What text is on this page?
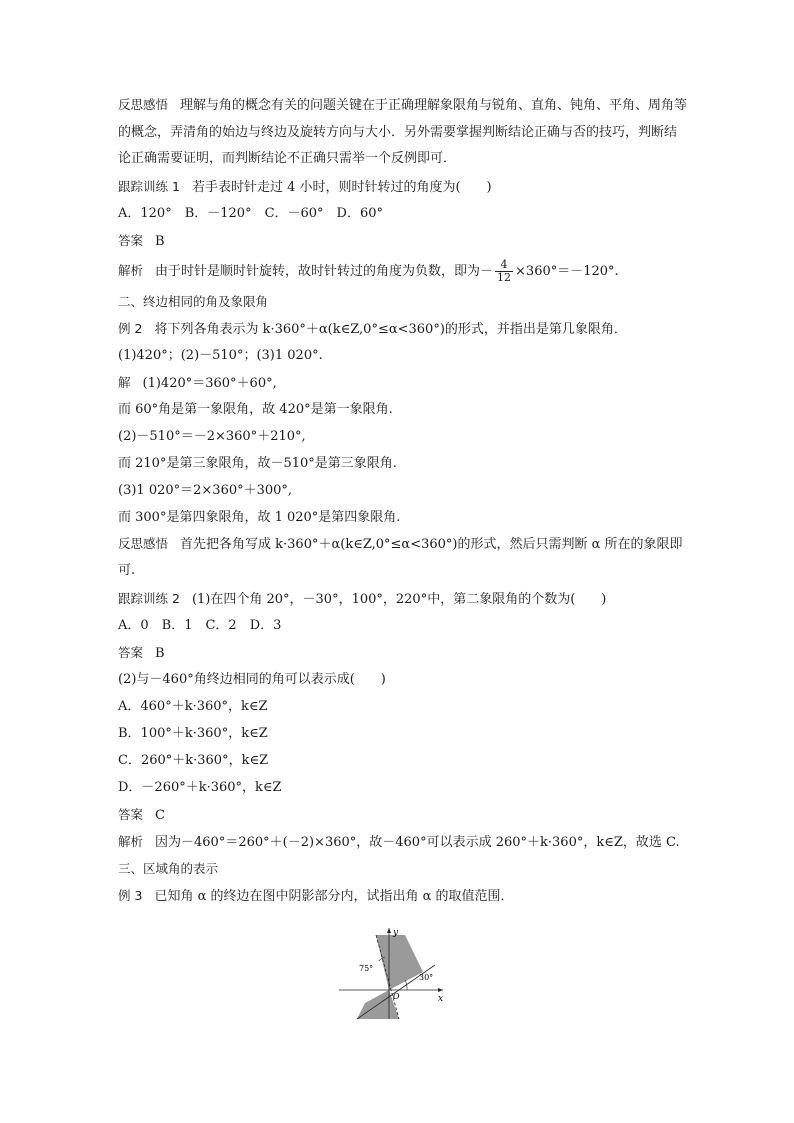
反思感悟 理解与角的概念有关的问题关键在于正确理解象限角与锐角、直角、钝角、平角、周角等的概念，弄清角的始边与终边及旋转方向与大小．另外需要掌握判断结论正确与否的技巧，判断结论正确需要证明，而判断结论不正确只需举一个反例即可．
跟踪训练 1 若手表时针走过 4 小时，则时针转过的角度为(　　)
A．120°　B．－120°　C．－60°　D．60°
答案 B
解析 由于时针是顺时针旋转，故时针转过的角度为负数，即为－ $\frac{4}{12} \times 360^\circ=-120^\circ$.
二、终边相同的角及象限角
例 2 将下列各角表示为 k·360°＋α(k∈Z,0°≤α<360°)的形式，并指出是第几象限角．
(1)420°；(2)－510°；(3)1 020°.
解 (1)420°＝360°＋60°,
而 60°角是第一象限角，故 420°是第一象限角.
(2)－510°＝－2×360°＋210°,
而 210°是第三象限角，故－510°是第三象限角.
(3)1 020°＝2×360°＋300°,
而 300°是第四象限角，故 1 020°是第四象限角.
反思感悟 首先把各角写成 k·360°＋α(k∈Z,0°≤α<360°)的形式，然后只需判断 α 所在的象限即可.
跟踪训练 2 (1)在四个角 20°，－30°，100°，220°中，第二象限角的个数为(　　)
A．0　B．1　C．2　D．3
答案 B
(2)与－460°角终边相同的角可以表示成(　　)
A．460°＋k·360°，k∈Z
B．100°＋k·360°，k∈Z
C．260°＋k·360°，k∈Z
D．－260°＋k·360°，k∈Z
答案 C
解析 因为－460°＝260°＋(－2)×360°，故－460°可以表示成 260°＋k·360°，k∈Z，故选 C.
三、区域角的表示
例 3 已知角 α 的终边在图中阴影部分内，试指出角 α 的取值范围．
y
x
O
75°
30°
